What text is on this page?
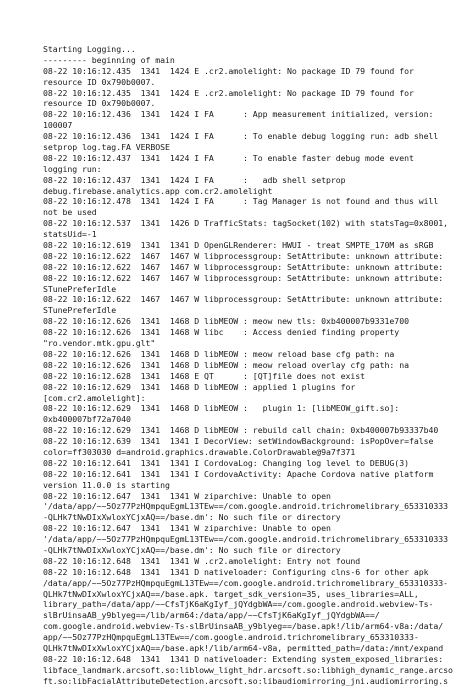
Starting Logging...
--------- beginning of main
08-22 10:16:12.435  1341  1424 E .cr2.amolelight: No package ID 79 found for
resource ID 0x790b0007.
08-22 10:16:12.435  1341  1424 E .cr2.amolelight: No package ID 79 found for
resource ID 0x790b0007.
08-22 10:16:12.436  1341  1424 I FA      : App measurement initialized, version:
100007
08-22 10:16:12.436  1341  1424 I FA      : To enable debug logging run: adb shell
setprop log.tag.FA VERBOSE
08-22 10:16:12.437  1341  1424 I FA      : To enable faster debug mode event
logging run:
08-22 10:16:12.437  1341  1424 I FA      :   adb shell setprop
debug.firebase.analytics.app com.cr2.amolelight
08-22 10:16:12.478  1341  1424 I FA      : Tag Manager is not found and thus will
not be used
08-22 10:16:12.537  1341  1426 D TrafficStats: tagSocket(102) with statsTag=0x8001,
statsUid=-1
08-22 10:16:12.619  1341  1341 D OpenGLRenderer: HWUI - treat SMPTE_170M as sRGB
08-22 10:16:12.622  1467  1467 W libprocessgroup: SetAttribute: unknown attribute:
08-22 10:16:12.622  1467  1467 W libprocessgroup: SetAttribute: unknown attribute:
08-22 10:16:12.622  1467  1467 W libprocessgroup: SetAttribute: unknown attribute:
STunePreferIdle
08-22 10:16:12.622  1467  1467 W libprocessgroup: SetAttribute: unknown attribute:
STunePreferIdle
08-22 10:16:12.626  1341  1468 D libMEOW : meow new tls: 0xb400007b9331e700
08-22 10:16:12.626  1341  1468 W libc    : Access denied finding property
"ro.vendor.mtk.gpu.glt"
08-22 10:16:12.626  1341  1468 D libMEOW : meow reload base cfg path: na
08-22 10:16:12.626  1341  1468 D libMEOW : meow reload overlay cfg path: na
08-22 10:16:12.628  1341  1468 E QT      : [QT]file does not exist
08-22 10:16:12.629  1341  1468 D libMEOW : applied 1 plugins for
[com.cr2.amolelight]:
08-22 10:16:12.629  1341  1468 D libMEOW :   plugin 1: [libMEOW_gift.so]:
0xb400007bf72a7040
08-22 10:16:12.629  1341  1468 D libMEOW : rebuild call chain: 0xb400007b93337b40
08-22 10:16:12.639  1341  1341 I DecorView: setWindowBackground: isPopOver=false
color=ff303030 d=android.graphics.drawable.ColorDrawable@9a7f371
08-22 10:16:12.641  1341  1341 I CordovaLog: Changing log level to DEBUG(3)
08-22 10:16:12.641  1341  1341 I CordovaActivity: Apache Cordova native platform
version 11.0.0 is starting
08-22 10:16:12.647  1341  1341 W ziparchive: Unable to open
'/data/app/~~5Oz77PzHQmpquEgmL13TEw==/com.google.android.trichromelibrary_653310333
-QLHk7tNwDIxXwloxYCjxAQ==/base.dm': No such file or directory
08-22 10:16:12.647  1341  1341 W ziparchive: Unable to open
'/data/app/~~5Oz77PzHQmpquEgmL13TEw==/com.google.android.trichromelibrary_653310333
-QLHk7tNwDIxXwloxYCjxAQ==/base.dm': No such file or directory
08-22 10:16:12.648  1341  1341 W .cr2.amolelight: Entry not found
08-22 10:16:12.648  1341  1341 D nativeloader: Configuring clns-6 for other apk
/data/app/~~5Oz77PzHQmpquEgmL13TEw==/com.google.android.trichromelibrary_653310333-
QLHk7tNwDIxXwloxYCjxAQ==/base.apk. target_sdk_version=35, uses_libraries=ALL,
library_path=/data/app/~~CfsTjK6aKgIyf_jQYdgbWA==/com.google.android.webview-Ts-
slBrUinsaAB_y9blyeg==/lib/arm64:/data/app/~~CfsTjK6aKgIyf_jQYdgbWA==/
com.google.android.webview-Ts-slBrUinsaAB_y9blyeg==/base.apk!/lib/arm64-v8a:/data/
app/~~5Oz77PzHQmpquEgmL13TEw==/com.google.android.trichromelibrary_653310333-
QLHk7tNwDIxXwloxYCjxAQ==/base.apk!/lib/arm64-v8a, permitted_path=/data:/mnt/expand
08-22 10:16:12.648  1341  1341 D nativeloader: Extending system_exposed_libraries:
libface_landmark.arcsoft.so:libloww_light_hdr.arcsoft.so:libhigh_dynamic_range.arcso
ft.so:libFacialAttributeDetection.arcsoft.so:libaudiomirroring_jni.audiomirroring.s
